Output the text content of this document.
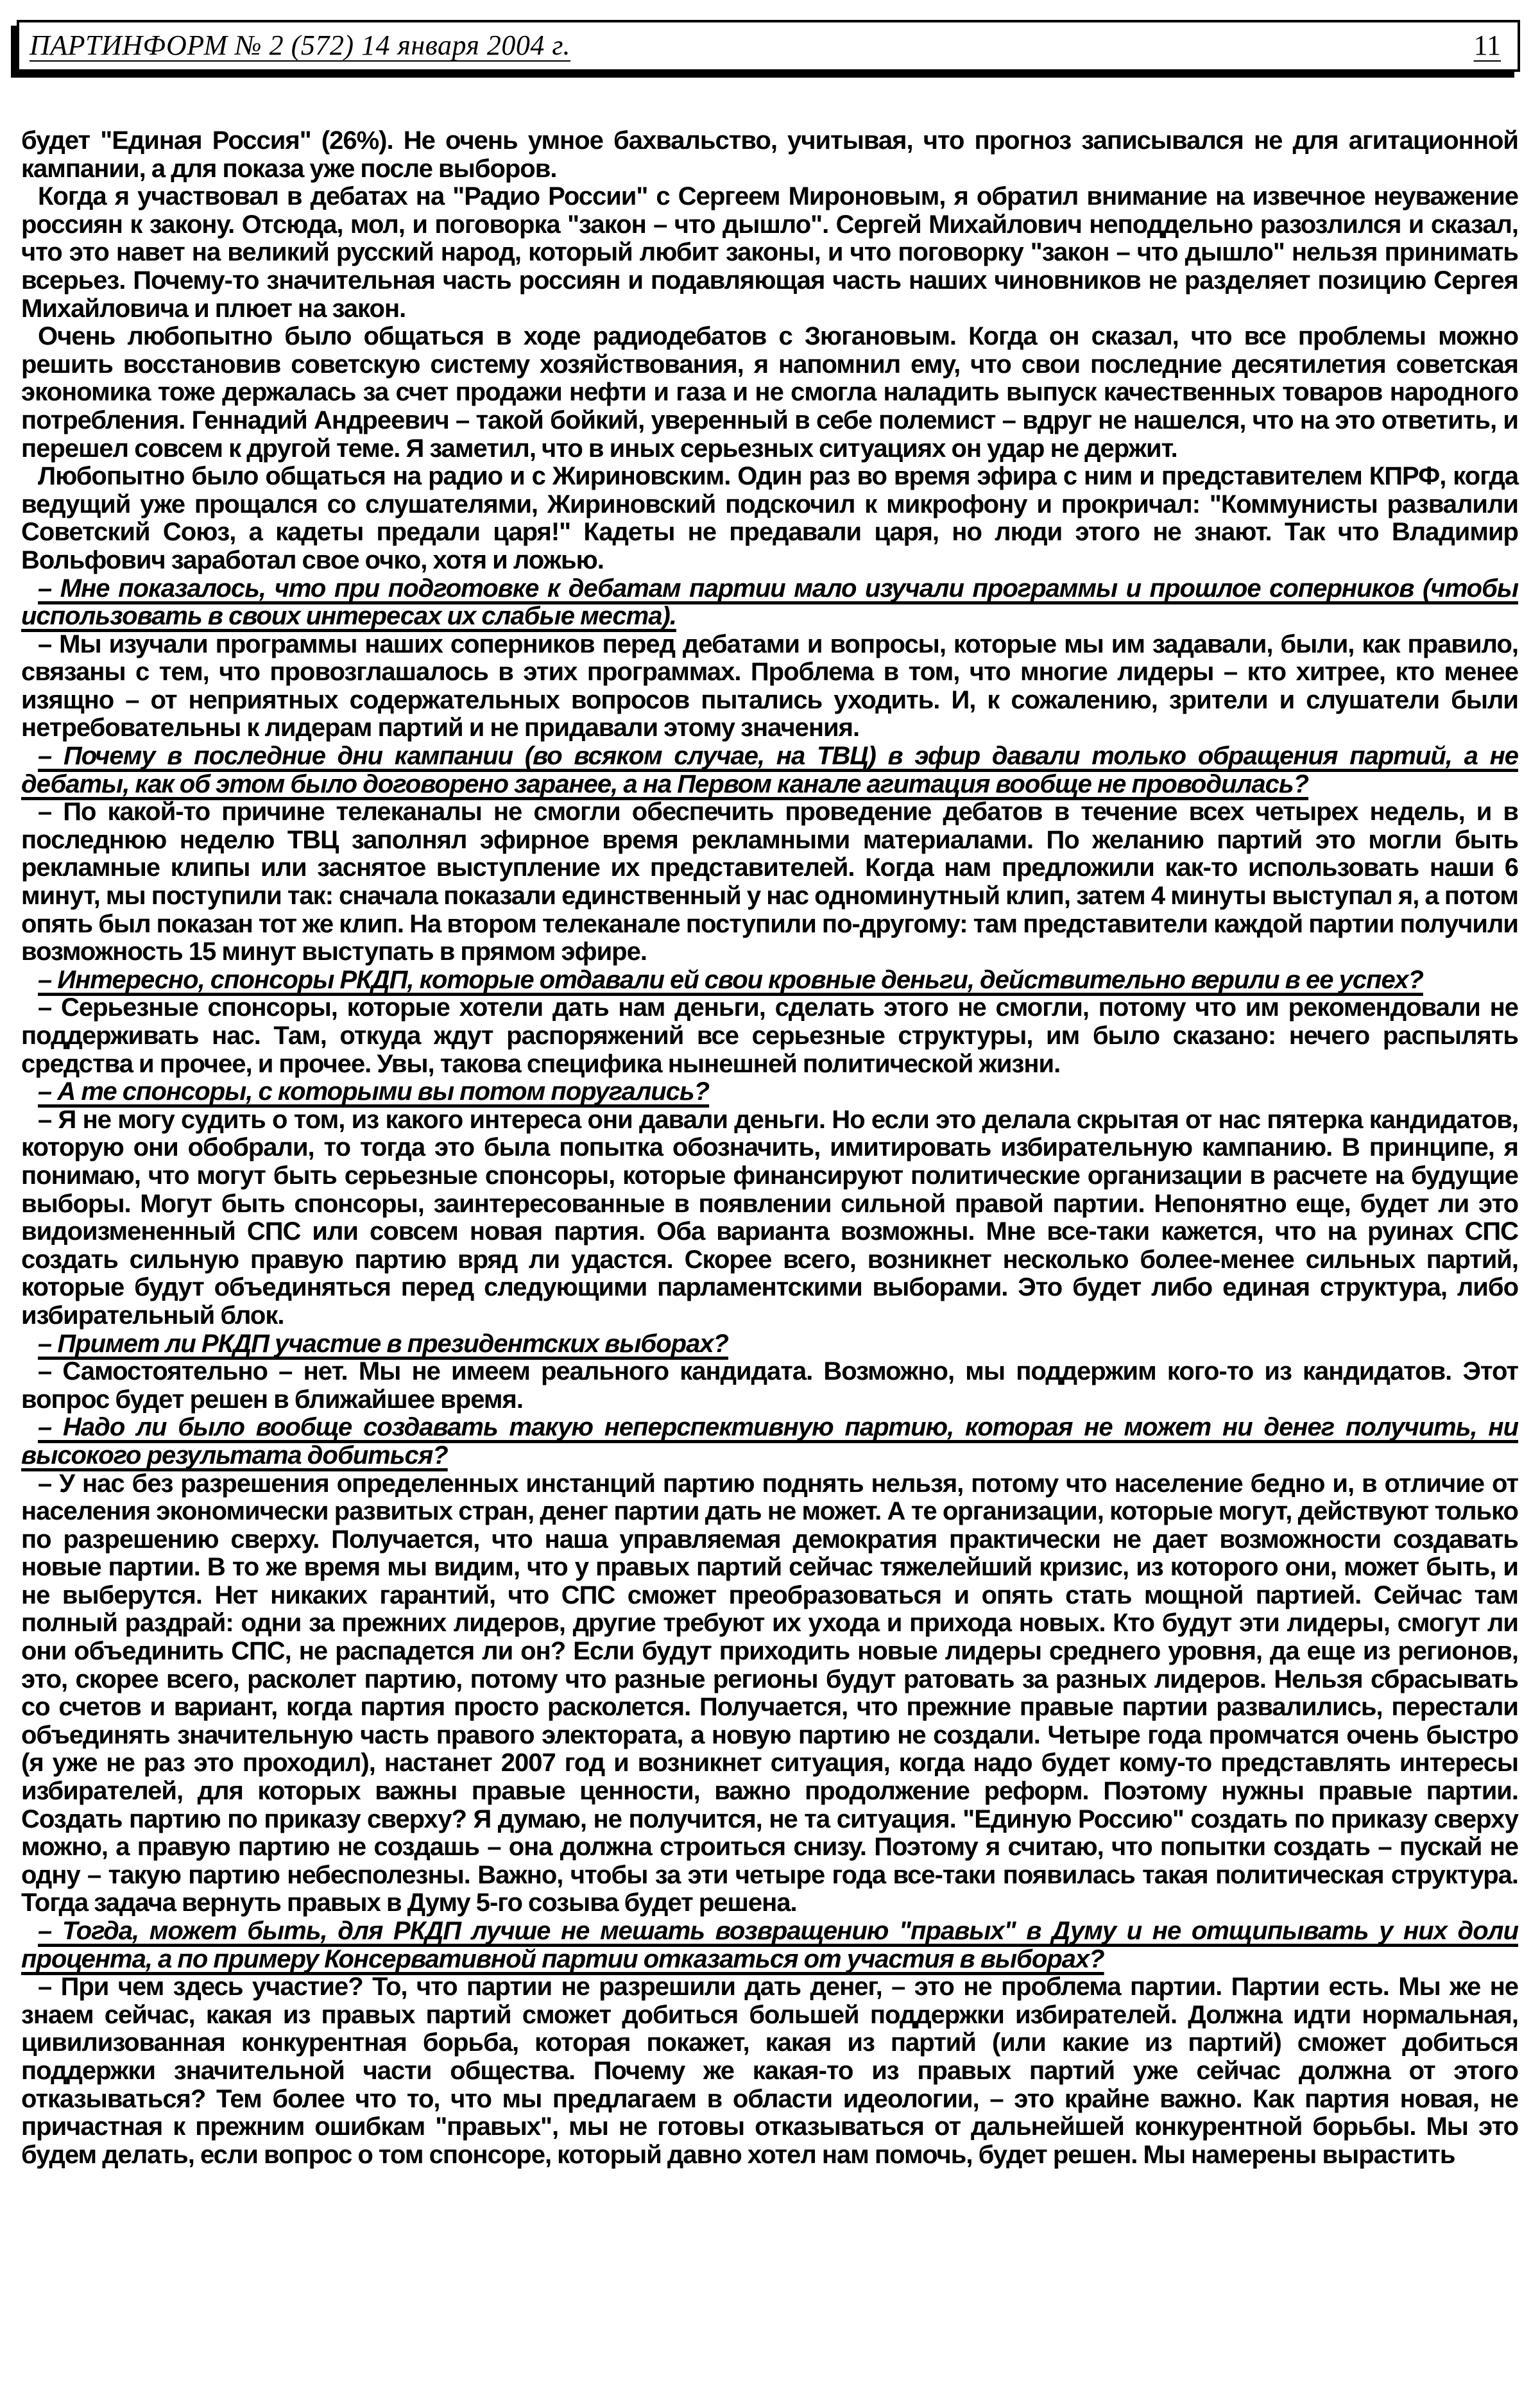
ПАРТИНФОРМ № 2 (572) 14 января 2004 г.	11

будет "Единая Россия" (26%). Не очень умное бахвальство, учитывая, что прогноз записывался не для агитационной кампании, а для показа уже после выборов.

Когда я участвовал в дебатах на "Радио России" с Сергеем Мироновым, я обратил внимание на извечное неуважение россиян к закону. Отсюда, мол, и поговорка "закон – что дышло". Сергей Михайлович неподдельно разозлился и сказал, что это навет на великий русский народ, который любит законы, и что поговорку "закон – что дышло" нельзя принимать всерьез. Почему-то значительная часть россиян и подавляющая часть наших чиновников не разделяет позицию Сергея Михайловича и плюет на закон.

Очень любопытно было общаться в ходе радиодебатов с Зюгановым. Когда он сказал, что все проблемы можно решить восстановив советскую систему хозяйствования, я напомнил ему, что свои последние десятилетия советская экономика тоже держалась за счет продажи нефти и газа и не смогла наладить выпуск качественных товаров народного потребления. Геннадий Андреевич – такой бойкий, уверенный в себе полемист – вдруг не нашелся, что на это ответить, и перешел совсем к другой теме. Я заметил, что в иных серьезных ситуациях он удар не держит.

Любопытно было общаться на радио и с Жириновским. Один раз во время эфира с ним и представителем КПРФ, когда ведущий уже прощался со слушателями, Жириновский подскочил к микрофону и прокричал: "Коммунисты развалили Советский Союз, а кадеты предали царя!" Кадеты не предавали царя, но люди этого не знают. Так что Владимир Вольфович заработал свое очко, хотя и ложью.

– Мне показалось, что при подготовке к дебатам партии мало изучали программы и прошлое соперников (чтобы использовать в своих интересах их слабые места).

– Мы изучали программы наших соперников перед дебатами и вопросы, которые мы им задавали, были, как правило, связаны с тем, что провозглашалось в этих программах. Проблема в том, что многие лидеры – кто хитрее, кто менее изящно – от неприятных содержательных вопросов пытались уходить. И, к сожалению, зрители и слушатели были нетребовательны к лидерам партий и не придавали этому значения.

– Почему в последние дни кампании (во всяком случае, на ТВЦ) в эфир давали только обращения партий, а не дебаты, как об этом было договорено заранее, а на Первом канале агитация вообще не проводилась?

– По какой-то причине телеканалы не смогли обеспечить проведение дебатов в течение всех четырех недель, и в последнюю неделю ТВЦ заполнял эфирное время рекламными материалами. По желанию партий это могли быть рекламные клипы или заснятое выступление их представителей. Когда нам предложили как-то использовать наши 6 минут, мы поступили так: сначала показали единственный у нас одноминутный клип, затем 4 минуты выступал я, а потом опять был показан тот же клип. На втором телеканале поступили по-другому: там представители каждой партии получили возможность 15 минут выступать в прямом эфире.

– Интересно, спонсоры РКДП, которые отдавали ей свои кровные деньги, действительно верили в ее успех?

– Серьезные спонсоры, которые хотели дать нам деньги, сделать этого не смогли, потому что им рекомендовали не поддерживать нас. Там, откуда ждут распоряжений все серьезные структуры, им было сказано: нечего распылять средства и прочее, и прочее. Увы, такова специфика нынешней политической жизни.

– А те спонсоры, с которыми вы потом поругались?

– Я не могу судить о том, из какого интереса они давали деньги. Но если это делала скрытая от нас пятерка кандидатов, которую они обобрали, то тогда это была попытка обозначить, имитировать избирательную кампанию. В принципе, я понимаю, что могут быть серьезные спонсоры, которые финансируют политические организации в расчете на будущие выборы. Могут быть спонсоры, заинтересованные в появлении сильной правой партии. Непонятно еще, будет ли это видоизмененный СПС или совсем новая партия. Оба варианта возможны. Мне все-таки кажется, что на руинах СПС создать сильную правую партию вряд ли удастся. Скорее всего, возникнет несколько более-менее сильных партий, которые будут объединяться перед следующими парламентскими выборами. Это будет либо единая структура, либо избирательный блок.

– Примет ли РКДП участие в президентских выборах?

– Самостоятельно – нет. Мы не имеем реального кандидата. Возможно, мы поддержим кого-то из кандидатов. Этот вопрос будет решен в ближайшее время.

– Надо ли было вообще создавать такую неперспективную партию, которая не может ни денег получить, ни высокого результата добиться?

– У нас без разрешения определенных инстанций партию поднять нельзя, потому что население бедно и, в отличие от населения экономически развитых стран, денег партии дать не может. А те организации, которые могут, действуют только по разрешению сверху. Получается, что наша управляемая демократия практически не дает возможности создавать новые партии. В то же время мы видим, что у правых партий сейчас тяжелейший кризис, из которого они, может быть, и не выберутся. Нет никаких гарантий, что СПС сможет преобразоваться и опять стать мощной партией. Сейчас там полный раздрай: одни за прежних лидеров, другие требуют их ухода и прихода новых. Кто будут эти лидеры, смогут ли они объединить СПС, не распадется ли он? Если будут приходить новые лидеры среднего уровня, да еще из регионов, это, скорее всего, расколет партию, потому что разные регионы будут ратовать за разных лидеров. Нельзя сбрасывать со счетов и вариант, когда партия просто расколется. Получается, что прежние правые партии развалились, перестали объединять значительную часть правого электората, а новую партию не создали. Четыре года промчатся очень быстро (я уже не раз это проходил), настанет 2007 год и возникнет ситуация, когда надо будет кому-то представлять интересы избирателей, для которых важны правые ценности, важно продолжение реформ. Поэтому нужны правые партии. Создать партию по приказу сверху? Я думаю, не получится, не та ситуация. "Единую Россию" создать по приказу сверху можно, а правую партию не создашь – она должна строиться снизу. Поэтому я считаю, что попытки создать – пускай не одну – такую партию небесполезны. Важно, чтобы за эти четыре года все-таки появилась такая политическая структура. Тогда задача вернуть правых в Думу 5-го созыва будет решена.

– Тогда, может быть, для РКДП лучше не мешать возвращению "правых" в Думу и не отщипывать у них доли процента, а по примеру Консервативной партии отказаться от участия в выборах?

– При чем здесь участие? То, что партии не разрешили дать денег, – это не проблема партии. Партии есть. Мы же не знаем сейчас, какая из правых партий сможет добиться большей поддержки избирателей. Должна идти нормальная, цивилизованная конкурентная борьба, которая покажет, какая из партий (или какие из партий) сможет добиться поддержки значительной части общества. Почему же какая-то из правых партий уже сейчас должна от этого отказываться? Тем более что то, что мы предлагаем в области идеологии, – это крайне важно. Как партия новая, не причастная к прежним ошибкам "правых", мы не готовы отказываться от дальнейшей конкурентной борьбы. Мы это будем делать, если вопрос о том спонсоре, который давно хотел нам помочь, будет решен. Мы намерены вырастить
